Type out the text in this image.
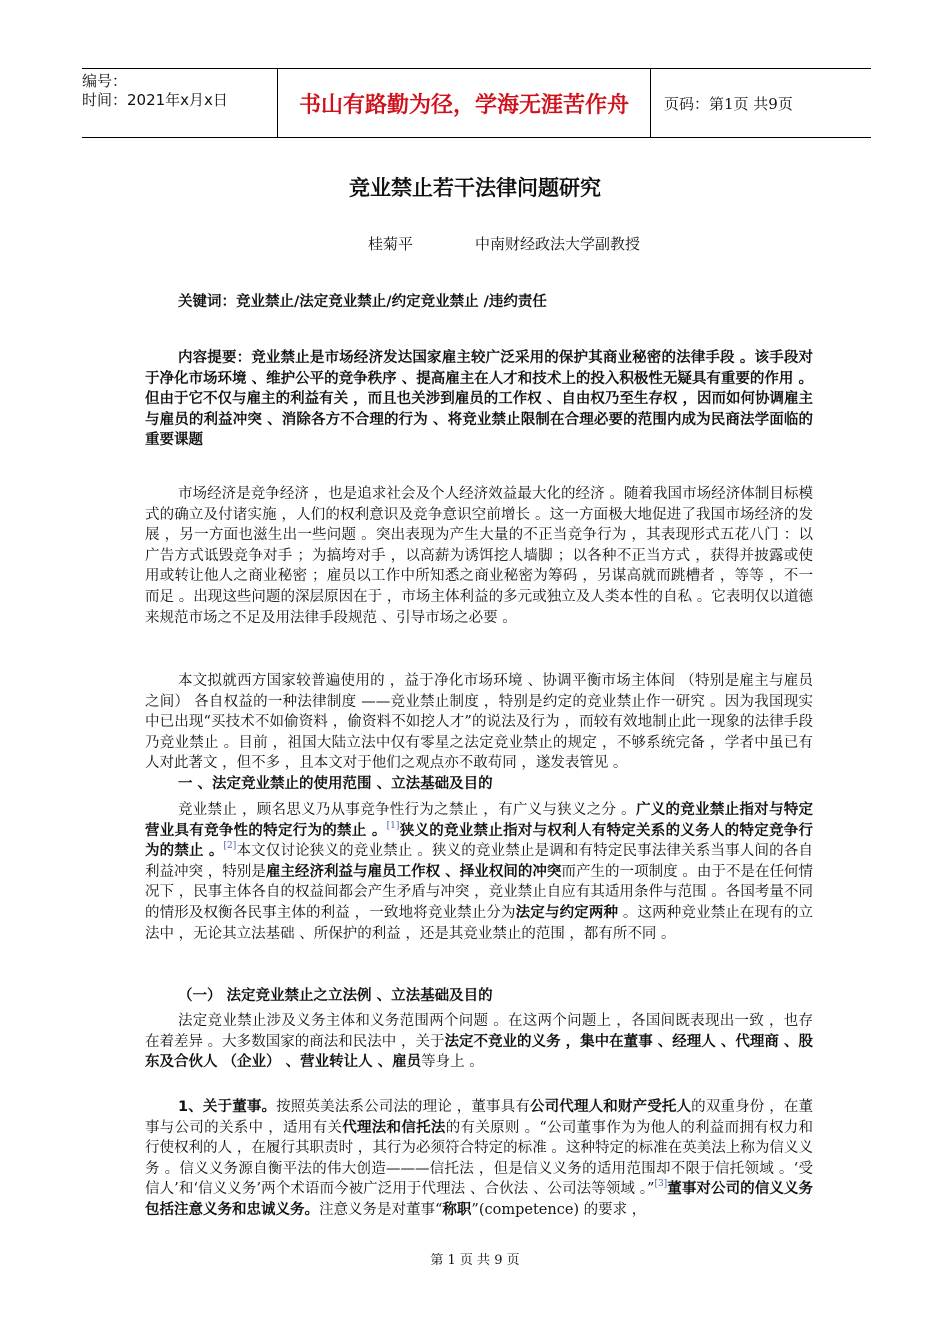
编号：
时间：2021年x月x日	书山有路勤为径，学海无涯苦作舟	页码：第1页 共9页
竞业禁止若干法律问题研究
桂菊平	中南财经政法大学副教授
关键词：竞业禁止/法定竞业禁止/约定竞业禁止 /违约责任

内容提要：竞业禁止是市场经济发达国家雇主较广泛采用的保护其商业秘密的法律手段 。该手段对于净化市场环境 、维护公平的竞争秩序 、提高雇主在人才和技术上的投入积极性无疑具有重要的作用 。但由于它不仅与雇主的利益有关 ，而且也关涉到雇员的工作权 、自由权乃至生存权 ，因而如何协调雇主与雇员的利益冲突 、消除各方不合理的行为 、将竞业禁止限制在合理必要的范围内成为民商法学面临的重要课题

市场经济是竞争经济 ，也是追求社会及个人经济效益最大化的经济 。随着我国市场经济体制目标模式的确立及付诸实施 ，人们的权利意识及竞争意识空前增长 。这一方面极大地促进了我国市场经济的发展 ，另一方面也滋生出一些问题 。突出表现为产生大量的不正当竞争行为 ，其表现形式五花八门 ：以广告方式诋毁竞争对手 ；为搞垮对手 ，以高薪为诱饵挖人墙脚 ；以各种不正当方式 ，获得并披露或使用或转让他人之商业秘密 ；雇员以工作中所知悉之商业秘密为筹码 ，另谋高就而跳槽者 ，等等 ，不一而足 。出现这些问题的深层原因在于 ，市场主体利益的多元或独立及人类本性的自私 。它表明仅以道德来规范市场之不足及用法律手段规范 、引导市场之必要 。

本文拟就西方国家较普遍使用的 ，益于净化市场环境 、协调平衡市场主体间 （特别是雇主与雇员之间） 各自权益的一种法律制度 ——竞业禁止制度 ，特别是约定的竞业禁止作一研究 。因为我国现实中已出现“买技术不如偷资料 ，偷资料不如挖人才”的说法及行为 ，而较有效地制止此一现象的法律手段乃竞业禁止 。目前 ，祖国大陆立法中仅有零星之法定竞业禁止的规定 ，不够系统完备 ，学者中虽已有人对此著文 ，但不多 ，且本文对于他们之观点亦不敢苟同 ，遂发表管见 。

一 、法定竞业禁止的使用范围 、立法基础及目的

竞业禁止 ，顾名思义乃从事竞争性行为之禁止 ，有广义与狭义之分 。广义的竞业禁止指对与特定营业具有竞争性的特定行为的禁止 。[1]狭义的竞业禁止指对与权利人有特定关系的义务人的特定竞争行为的禁止 。[2]本文仅讨论狭义的竞业禁止 。狭义的竞业禁止是调和有特定民事法律关系当事人间的各自利益冲突 ，特别是雇主经济利益与雇员工作权 、择业权间的冲突而产生的一项制度 。由于不是在任何情况下 ，民事主体各自的权益间都会产生矛盾与冲突 ，竞业禁止自应有其适用条件与范围 。各国考量不同的情形及权衡各民事主体的利益 ，一致地将竞业禁止分为法定与约定两种 。这两种竞业禁止在现有的立法中 ，无论其立法基础 、所保护的利益 ，还是其竞业禁止的范围 ，都有所不同 。

（一） 法定竞业禁止之立法例 、立法基础及目的

法定竞业禁止涉及义务主体和义务范围两个问题 。在这两个问题上 ，各国间既表现出一致 ，也存在着差异 。大多数国家的商法和民法中 ，关于法定不竞业的义务 ，集中在董事 、经理人 、代理商 、股东及合伙人 （企业） 、营业转让人 、雇员等身上 。

1、关于董事。按照英美法系公司法的理论 ，董事具有公司代理人和财产受托人的双重身份 ，在董事与公司的关系中 ，适用有关代理法和信托法的有关原则 。“公司董事作为为他人的利益而拥有权力和行使权利的人 ，在履行其职责时 ，其行为必须符合特定的标准 。这种特定的标准在英美法上称为信义义务 。信义义务源自衡平法的伟大创造———信托法 ，但是信义义务的适用范围却不限于信托领域 。‘受信人’和‘信义义务’两个术语而今被广泛用于代理法 、合伙法 、公司法等领域 。”[3]董事对公司的信义义务包括注意义务和忠诚义务。注意义务是对董事“称职”(competence) 的要求 ，

第 1 页 共 9 页
